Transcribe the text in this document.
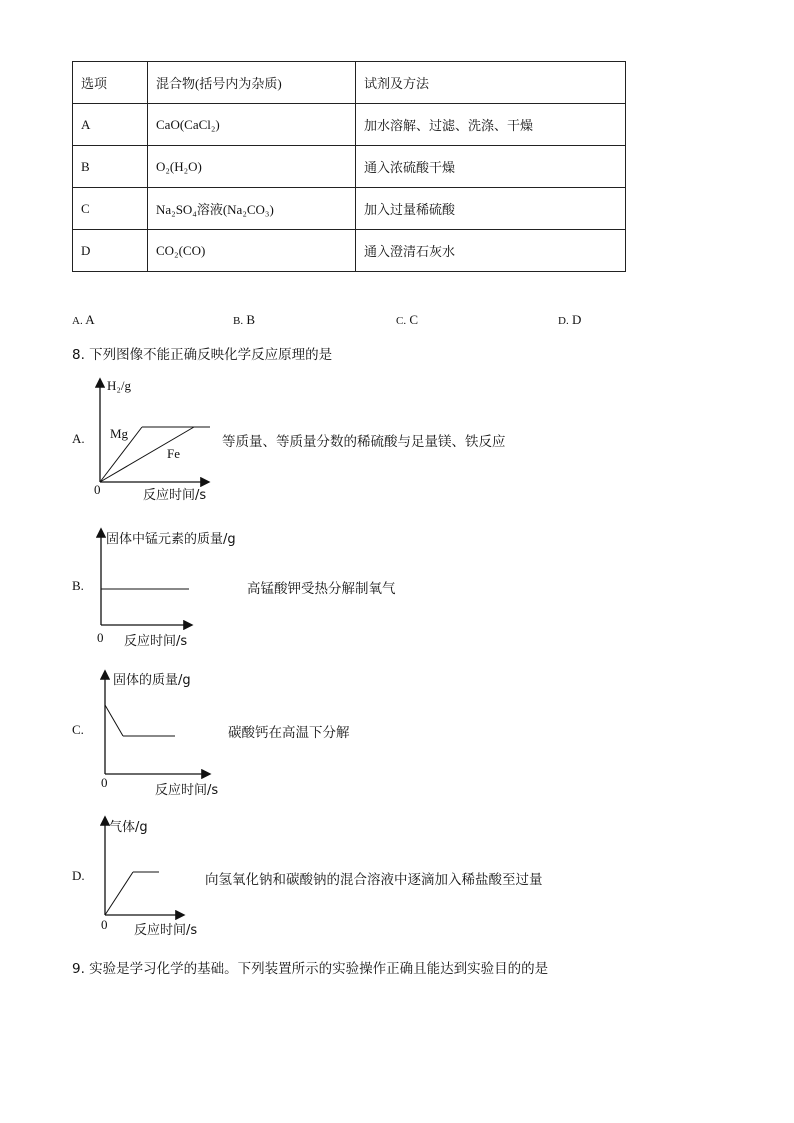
选项	混合物(括号内为杂质)	试剂及方法
A	CaO(CaCl₂)	加水溶解、过滤、洗涤、干燥
B	O₂(H₂O)	通入浓硫酸干燥
C	Na₂SO₄溶液(Na₂CO₃)	加入过量稀硫酸
D	CO₂(CO)	通入澄清石灰水
A. A	B. B	C. C	D. D
8. 下列图像不能正确反映化学反应原理的是
A.
H₂/g
Mg
Fe
0	反应时间/s
等质量、等质量分数的稀硫酸与足量镁、铁反应
B.
固体中锰元素的质量/g
0 反应时间/s
高锰酸钾受热分解制氧气
C.
固体的质量/g
0
反应时间/s
碳酸钙在高温下分解
D.
气体/g
0 反应时间/s
向氢氧化钠和碳酸钠的混合溶液中逐滴加入稀盐酸至过量
9. 实验是学习化学的基础。下列装置所示的实验操作正确且能达到实验目的的是
